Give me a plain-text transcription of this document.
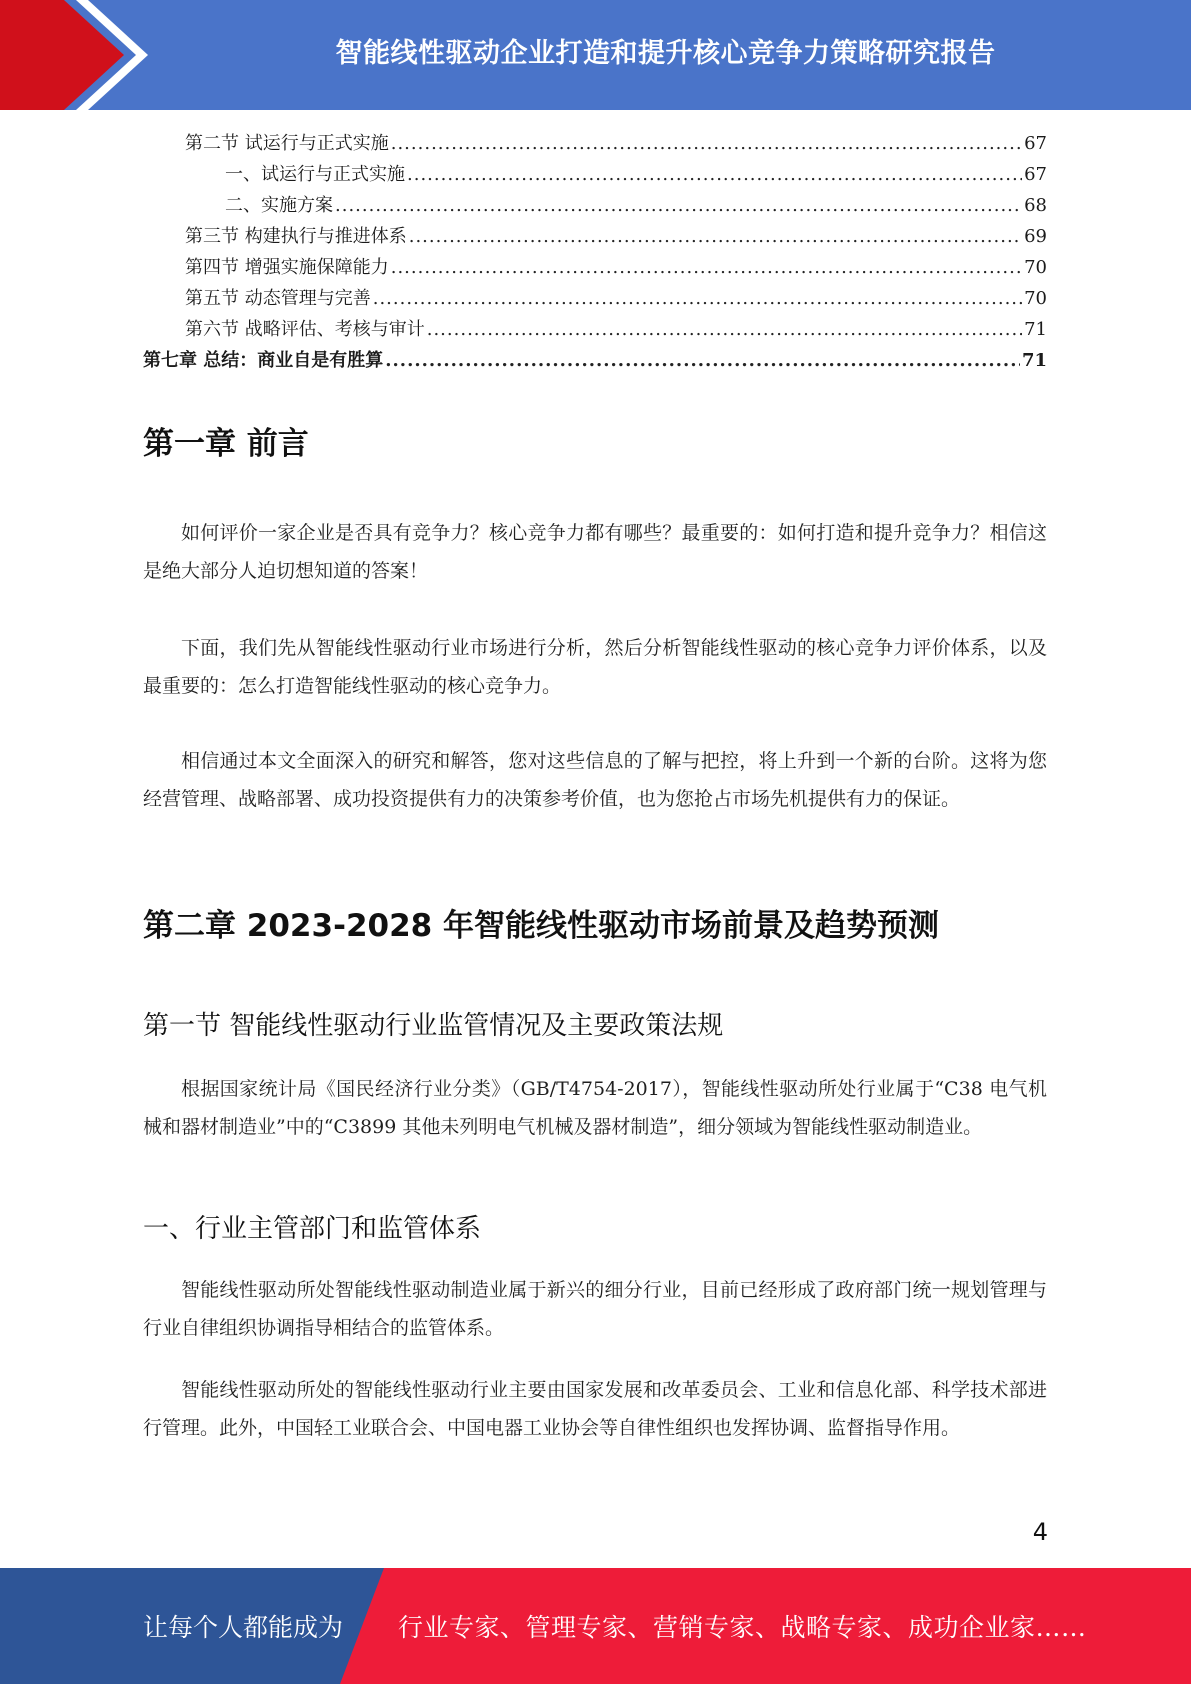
智能线性驱动企业打造和提升核心竞争力策略研究报告
第二节 试运行与正式实施 .....	67
一、试运行与正式实施 .....	67
二、实施方案 .....	68
第三节 构建执行与推进体系 .....	69
第四节 增强实施保障能力 .....	70
第五节 动态管理与完善 .....	70
第六节 战略评估、考核与审计 .....	71
第七章 总结：商业自是有胜算 .....	71
第一章 前言

如何评价一家企业是否具有竞争力？核心竞争力都有哪些？最重要的：如何打造和提升竞争力？相信这是绝大部分人迫切想知道的答案！

下面，我们先从智能线性驱动行业市场进行分析，然后分析智能线性驱动的核心竞争力评价体系，以及最重要的：怎么打造智能线性驱动的核心竞争力。

相信通过本文全面深入的研究和解答，您对这些信息的了解与把控，将上升到一个新的台阶。这将为您经营管理、战略部署、成功投资提供有力的决策参考价值，也为您抢占市场先机提供有力的保证。

第二章 2023-2028 年智能线性驱动市场前景及趋势预测
第一节 智能线性驱动行业监管情况及主要政策法规

根据国家统计局《国民经济行业分类》（GB/T4754-2017），智能线性驱动所处行业属于“C38 电气机械和器材制造业”中的“C3899 其他未列明电气机械及器材制造”，细分领域为智能线性驱动制造业。

一、行业主管部门和监管体系

智能线性驱动所处智能线性驱动制造业属于新兴的细分行业，目前已经形成了政府部门统一规划管理与行业自律组织协调指导相结合的监管体系。

智能线性驱动所处的智能线性驱动行业主要由国家发展和改革委员会、工业和信息化部、科学技术部进行管理。此外，中国轻工业联合会、中国电器工业协会等自律性组织也发挥协调、监督指导作用。

4
让每个人都能成为 行业专家、管理专家、营销专家、战略专家、成功企业家……
